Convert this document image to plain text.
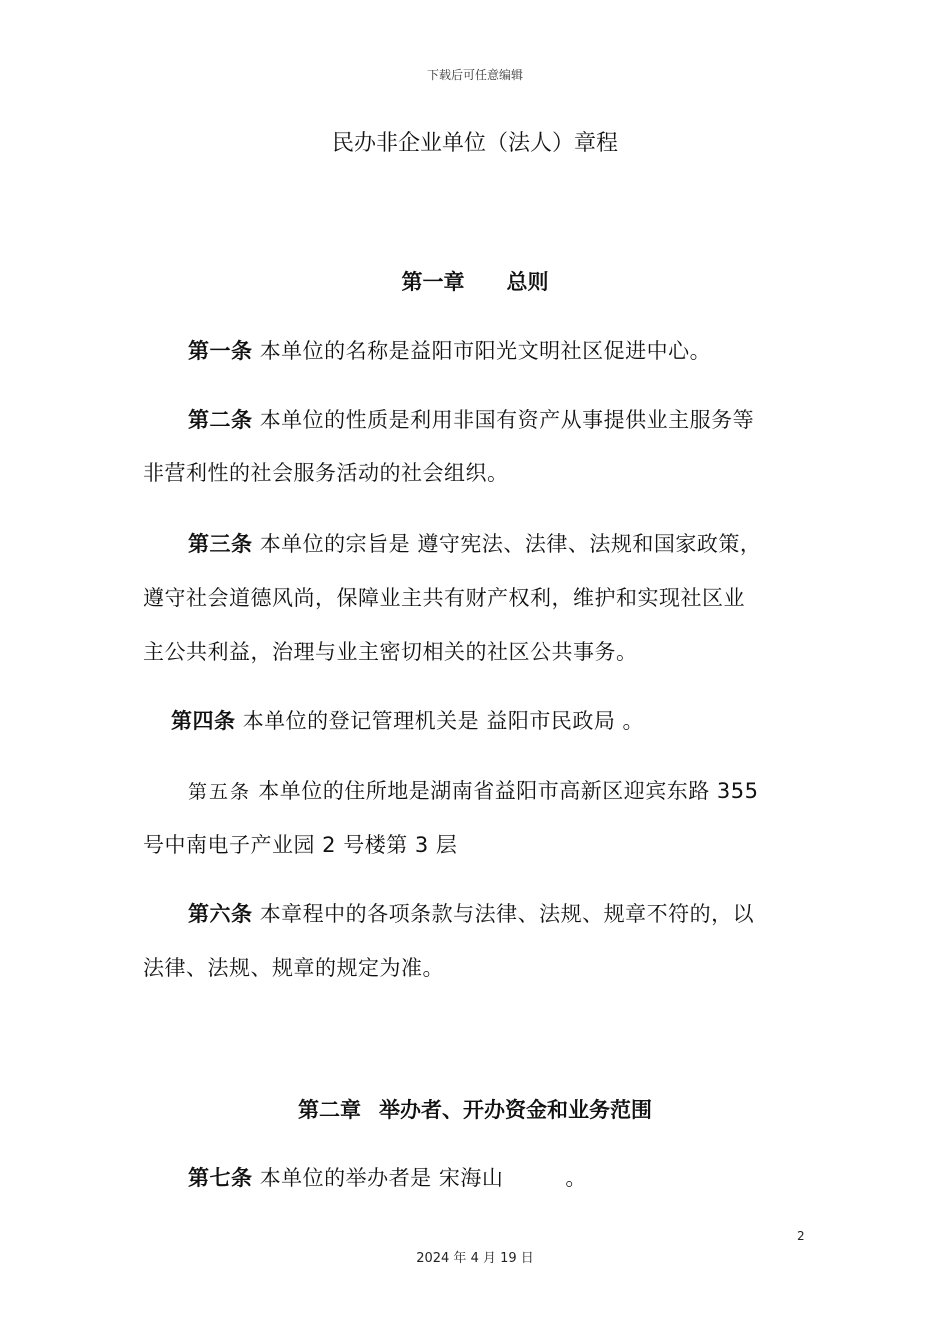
下载后可任意编辑
民办非企业单位（法人）章程
第一章 总则
第一条 本单位的名称是益阳市阳光文明社区促进中心。
第二条 本单位的性质是利用非国有资产从事提供业主服务等
非营利性的社会服务活动的社会组织。
第三条 本单位的宗旨是 遵守宪法、法律、法规和国家政策，
遵守社会道德风尚，保障业主共有财产权利，维护和实现社区业
主公共利益，治理与业主密切相关的社区公共事务。
第四条 本单位的登记管理机关是 益阳市民政局 。
第五条 本单位的住所地是湖南省益阳市高新区迎宾东路 355
号中南电子产业园 2 号楼第 3 层
第六条 本章程中的各项条款与法律、法规、规章不符的，以
法律、法规、规章的规定为准。
第二章 举办者、开办资金和业务范围
第七条 本单位的举办者是 宋海山	。
2
2024 年 4 月 19 日
